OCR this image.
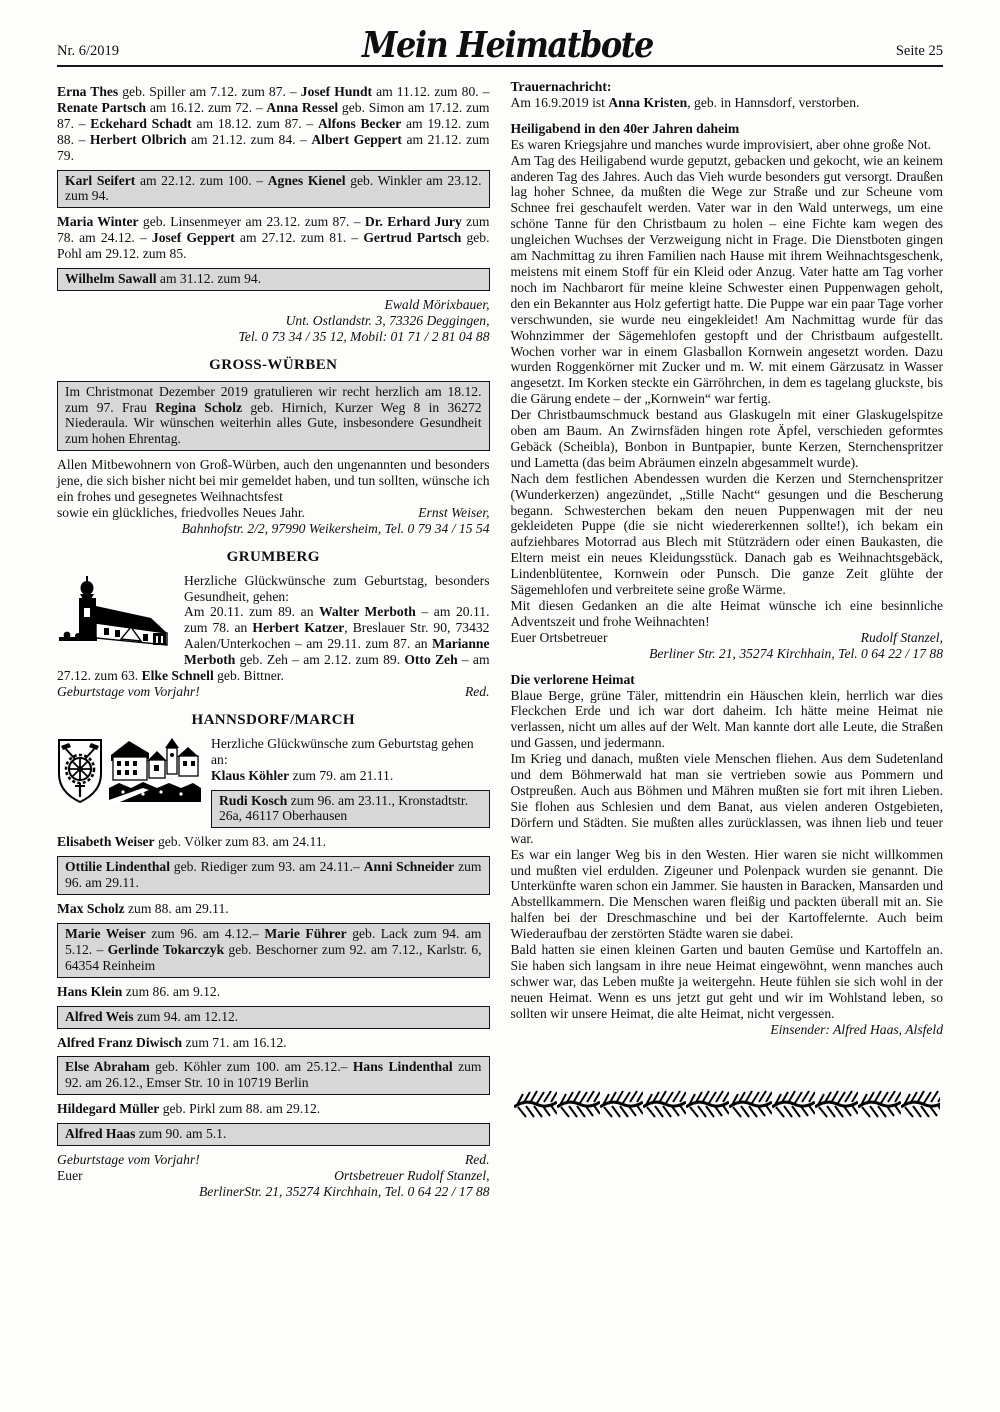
Nr. 6/2019	Mein Heimatbote	Seite 25
Erna Thes geb. Spiller am 7.12. zum 87. – Josef Hundt am 11.12. zum 80. – Renate Partsch am 16.12. zum 72. – Anna Ressel geb. Simon am 17.12. zum 87. – Eckehard Schadt am 18.12. zum 87. – Alfons Becker am 19.12. zum 88. – Herbert Olbrich am 21.12. zum 84. – Albert Geppert am 21.12. zum 79.
Karl Seifert am 22.12. zum 100. – Agnes Kienel geb. Winkler am 23.12. zum 94.
Maria Winter geb. Linsenmeyer am 23.12. zum 87. – Dr. Erhard Jury zum 78. am 24.12. – Josef Geppert am 27.12. zum 81. – Gertrud Partsch geb. Pohl am 29.12. zum 85.
Wilhelm Sawall am 31.12. zum 94.
Ewald Mörixbauer,
Unt. Ostlandstr. 3, 73326 Deggingen,
Tel. 0 73 34 / 35 12, Mobil: 01 71 / 2 81 04 88
GROSS-WÜRBEN
Im Christmonat Dezember 2019 gratulieren wir recht herzlich am 18.12. zum 97. Frau Regina Scholz geb. Hirnich, Kurzer Weg 8 in 36272 Niederaula. Wir wünschen weiterhin alles Gute, insbesondere Gesundheit zum hohen Ehrentag.
Allen Mitbewohnern von Groß-Würben, auch den ungenannten und besonders jene, die sich bisher nicht bei mir gemeldet haben, und tun sollten, wünsche ich ein frohes und gesegnetes Weihnachtsfest
sowie ein glückliches, friedvolles Neues Jahr.	Ernst Weiser,
Bahnhofstr. 2/2, 97990 Weikersheim, Tel. 0 79 34 / 15 54
GRUMBERG
Herzliche Glückwünsche zum Geburtstag, besonders Gesundheit, gehen:
Am 20.11. zum 89. an Walter Merboth – am 20.11. zum 78. an Herbert Katzer, Breslauer Str. 90, 73432 Aalen/Unterkochen – am 29.11. zum 87. an Marianne Merboth geb. Zeh – am 2.12. zum 89. Otto Zeh – am 27.12. zum 63. Elke Schnell geb. Bittner.
Geburtstage vom Vorjahr!	Red.
HANNSDORF/MARCH
Herzliche Glückwünsche zum Geburtstag gehen an:
Klaus Köhler zum 79. am 21.11.
Rudi Kosch zum 96. am 23.11., Kronstadtstr. 26a, 46117 Oberhausen
Elisabeth Weiser geb. Völker zum 83. am 24.11.
Ottilie Lindenthal geb. Riediger zum 93. am 24.11.– Anni Schneider zum 96. am 29.11.
Max Scholz zum 88. am 29.11.
Marie Weiser zum 96. am 4.12.– Marie Führer geb. Lack zum 94. am 5.12. – Gerlinde Tokarczyk geb. Beschorner zum 92. am 7.12., Karlstr. 6, 64354 Reinheim
Hans Klein zum 86. am 9.12.
Alfred Weis zum 94. am 12.12.
Alfred Franz Diwisch zum 71. am 16.12.
Else Abraham geb. Köhler zum 100. am 25.12.– Hans Lindenthal zum 92. am 26.12., Emser Str. 10 in 10719 Berlin
Hildegard Müller geb. Pirkl zum 88. am 29.12.
Alfred Haas zum 90. am 5.1.
Geburtstage vom Vorjahr!	Red.
Euer	Ortsbetreuer Rudolf Stanzel,
BerlinerStr. 21, 35274 Kirchhain, Tel. 0 64 22 / 17 88
Trauernachricht:
Am 16.9.2019 ist Anna Kristen, geb. in Hannsdorf, verstorben.
Heiligabend in den 40er Jahren daheim

Es waren Kriegsjahre und manches wurde improvisiert, aber ohne große Not.

Am Tag des Heiligabend wurde geputzt, gebacken und gekocht, wie an keinem anderen Tag des Jahres. Auch das Vieh wurde besonders gut versorgt. Draußen lag hoher Schnee, da mußten die Wege zur Straße und zur Scheune vom Schnee frei geschaufelt werden. Vater war in den Wald unterwegs, um eine schöne Tanne für den Christbaum zu holen – eine Fichte kam wegen des ungleichen Wuchses der Verzweigung nicht in Frage. Die Dienstboten gingen am Nachmittag zu ihren Familien nach Hause mit ihrem Weihnachtsgeschenk, meistens mit einem Stoff für ein Kleid oder Anzug. Vater hatte am Tag vorher noch im Nachbarort für meine kleine Schwester einen Puppenwagen geholt, den ein Bekannter aus Holz gefertigt hatte. Die Puppe war ein paar Tage vorher verschwunden, sie wurde neu eingekleidet! Am Nachmittag wurde für das Wohnzimmer der Sägemehlofen gestopft und der Christbaum aufgestellt. Wochen vorher war in einem Glasballon Kornwein angesetzt worden. Dazu wurden Roggenkörner mit Zucker und m. W. mit einem Gärzusatz in Wasser angesetzt. Im Korken steckte ein Gärröhrchen, in dem es tagelang gluckste, bis die Gärung endete – der „Kornwein“ war fertig.

Der Christbaumschmuck bestand aus Glaskugeln mit einer Glaskugelspitze oben am Baum. An Zwirnsfäden hingen rote Äpfel, verschieden geformtes Gebäck (Scheibla), Bonbon in Buntpapier, bunte Kerzen, Sternchenspritzer und Lametta (das beim Abräumen einzeln abgesammelt wurde).

Nach dem festlichen Abendessen wurden die Kerzen und Sternchenspritzer (Wunderkerzen) angezündet, „Stille Nacht“ gesungen und die Bescherung begann. Schwesterchen bekam den neuen Puppenwagen mit der neu gekleideten Puppe (die sie nicht wiedererkennen sollte!), ich bekam ein aufziehbares Motorrad aus Blech mit Stützrädern oder einen Baukasten, die Eltern meist ein neues Kleidungsstück. Danach gab es Weihnachtsgebäck, Lindenblütentee, Kornwein oder Punsch. Die ganze Zeit glühte der Sägemehlofen und verbreitete seine große Wärme.

Mit diesen Gedanken an die alte Heimat wünsche ich eine besinnliche Adventszeit und frohe Weihnachten!

Euer Ortsbetreuer	Rudolf Stanzel,
Berliner Str. 21, 35274 Kirchhain, Tel. 0 64 22 / 17 88
Die verlorene Heimat

Blaue Berge, grüne Täler, mittendrin ein Häuschen klein, herrlich war dies Fleckchen Erde und ich war dort daheim. Ich hätte meine Heimat nie verlassen, nicht um alles auf der Welt. Man kannte dort alle Leute, die Straßen und Gassen, und jedermann.

Im Krieg und danach, mußten viele Menschen fliehen. Aus dem Sudetenland und dem Böhmerwald hat man sie vertrieben sowie aus Pommern und Ostpreußen. Auch aus Böhmen und Mähren mußten sie fort mit ihren Lieben. Sie flohen aus Schlesien und dem Banat, aus vielen anderen Ostgebieten, Dörfern und Städten. Sie mußten alles zurücklassen, was ihnen lieb und teuer war.

Es war ein langer Weg bis in den Westen. Hier waren sie nicht willkommen und mußten viel erdulden. Zigeuner und Polenpack wurden sie genannt. Die Unterkünfte waren schon ein Jammer. Sie hausten in Baracken, Mansarden und Abstellkammern. Die Menschen waren fleißig und packten überall mit an. Sie halfen bei der Dreschmaschine und bei der Kartoffelernte. Auch beim Wiederaufbau der zerstörten Städte waren sie dabei.

Bald hatten sie einen kleinen Garten und bauten Gemüse und Kartoffeln an. Sie haben sich langsam in ihre neue Heimat eingewöhnt, wenn manches auch schwer war, das Leben mußte ja weitergehn. Heute fühlen sie sich wohl in der neuen Heimat. Wenn es uns jetzt gut geht und wir im Wohlstand leben, so sollten wir unsere Heimat, die alte Heimat, nicht vergessen.

Einsender: Alfred Haas, Alsfeld
